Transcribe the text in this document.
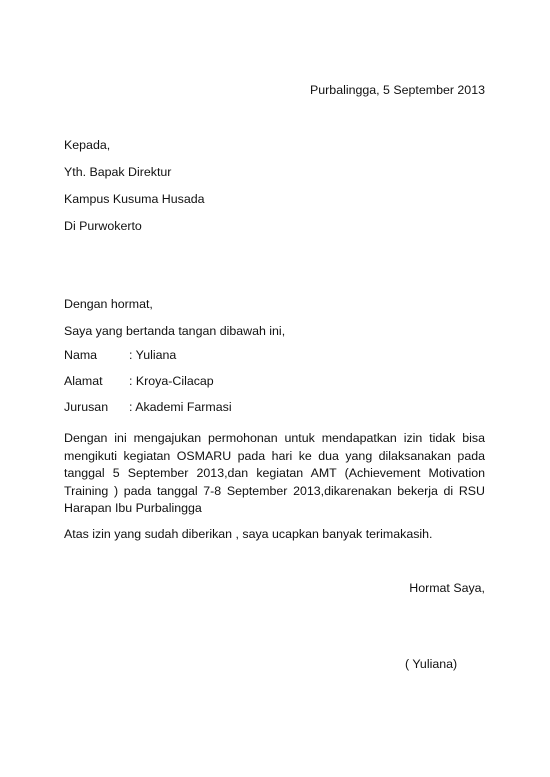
Purbalingga, 5 September 2013
Kepada,
Yth. Bapak Direktur
Kampus Kusuma Husada
Di Purwokerto
Dengan hormat,
Saya yang bertanda tangan dibawah ini,
Nama	: Yuliana
Alamat	: Kroya-Cilacap
Jurusan	: Akademi Farmasi
Dengan ini mengajukan permohonan untuk mendapatkan izin tidak bisa mengikuti kegiatan OSMARU pada hari ke dua yang dilaksanakan pada tanggal 5 September 2013,dan kegiatan AMT (Achievement Motivation Training ) pada tanggal 7-8 September 2013,dikarenakan bekerja di RSU Harapan Ibu Purbalingga
Atas izin yang sudah diberikan , saya ucapkan banyak terimakasih.
Hormat Saya,
( Yuliana)
